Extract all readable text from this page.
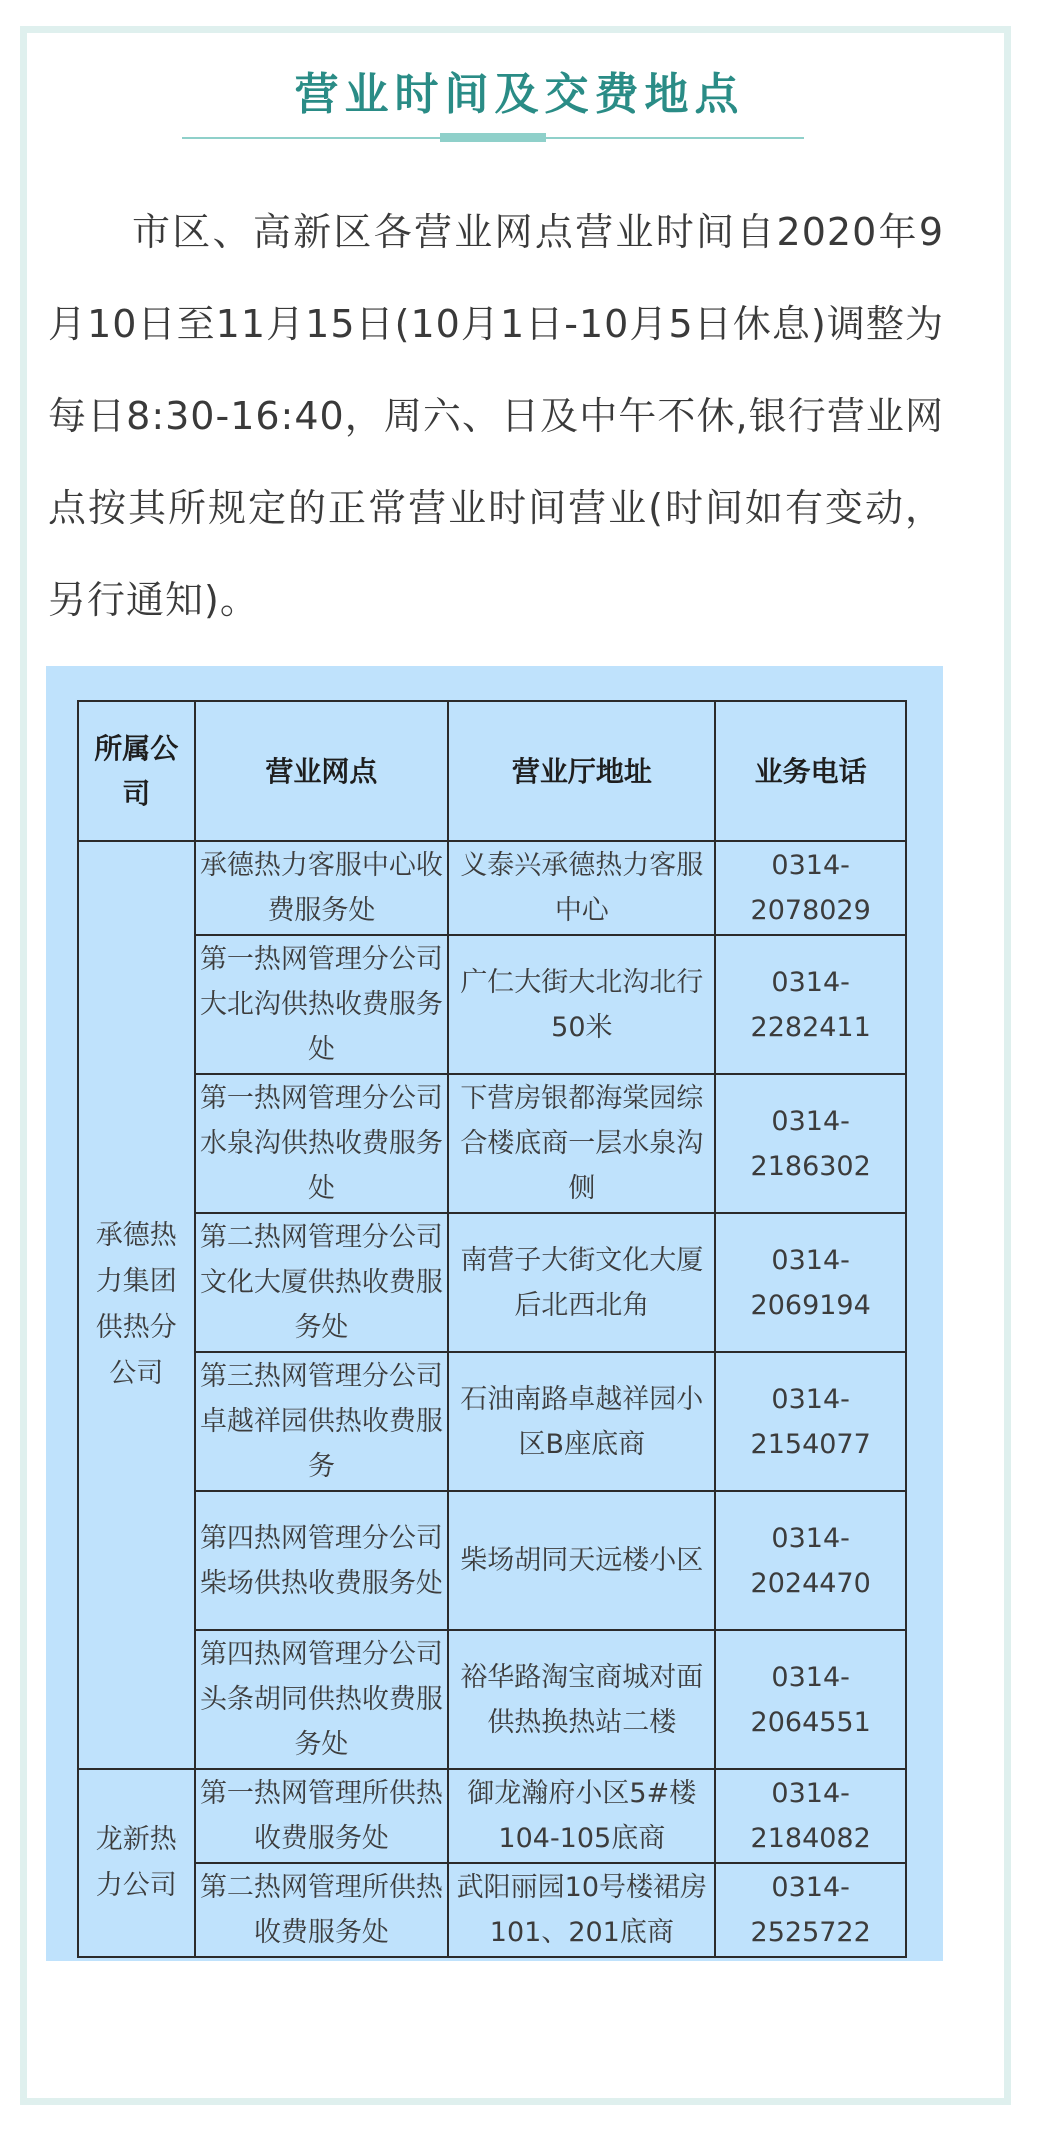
营业时间及交费地点

市区、高新区各营业网点营业时间自2020年9月10日至11月15日(10月1日-10月5日休息)调整为每日8:30-16:40，周六、日及中午不休,银行营业网点按其所规定的正常营业时间营业(时间如有变动，另行通知)。

所属公司	营业网点	营业厅地址	业务电话
承德热力集团供热分公司	承德热力客服中心收费服务处	义泰兴承德热力客服中心	0314-2078029
	第一热网管理分公司大北沟供热收费服务处	广仁大街大北沟北行50米	0314-2282411
	第一热网管理分公司水泉沟供热收费服务处	下营房银都海棠园综合楼底商一层水泉沟侧	0314-2186302
	第二热网管理分公司文化大厦供热收费服务处	南营子大街文化大厦后北西北角	0314-2069194
	第三热网管理分公司卓越祥园供热收费服务	石油南路卓越祥园小区B座底商	0314-2154077
	第四热网管理分公司柴场供热收费服务处	柴场胡同天远楼小区	0314-2024470
	第四热网管理分公司头条胡同供热收费服务处	裕华路淘宝商城对面供热换热站二楼	0314-2064551
龙新热力公司	第一热网管理所供热收费服务处	御龙瀚府小区5#楼104-105底商	0314-2184082
	第二热网管理所供热收费服务处	武阳丽园10号楼裙房101、201底商	0314-2525722
